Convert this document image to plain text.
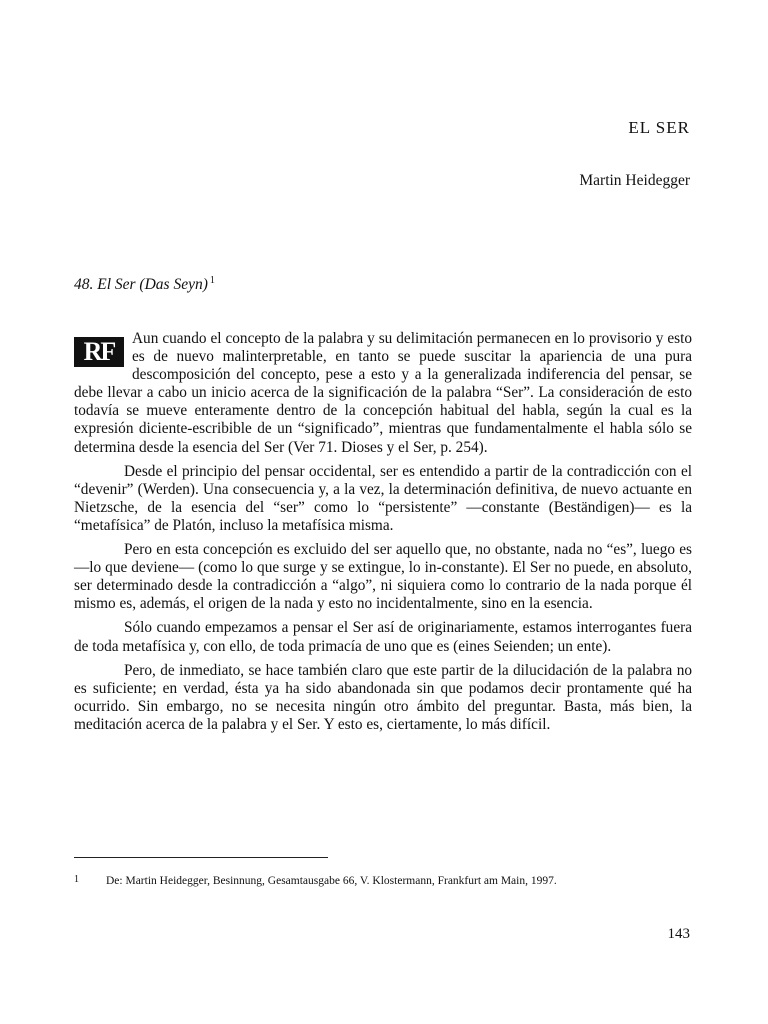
EL SER
Martin Heidegger
48. El Ser (Das Seyn) $^1$

RF	Aun cuando el concepto de la palabra y su delimitación permanecen en lo provisorio y esto es de nuevo malinterpretable, en tanto se puede suscitar la apariencia de una pura descomposición del concepto, pese a esto y a la generalizada indiferencia del pensar, se debe llevar a cabo un inicio acerca de la significación de la palabra “Ser”. La consideración de esto todavía se mueve enteramente dentro de la concepción habitual del habla, según la cual es la expresión diciente-escribible de un “significado”, mientras que fundamentalmente el habla sólo se determina desde la esencia del Ser (Ver 71. Dioses y el Ser, p. 254).

Desde el principio del pensar occidental, ser es entendido a partir de la contradicción con el “devenir” (Werden). Una consecuencia y, a la vez, la determinación definitiva, de nuevo actuante en Nietzsche, de la esencia del “ser” como lo “persistente” —constante (Beständigen)— es la “metafísica” de Platón, incluso la metafísica misma.

Pero en esta concepción es excluido del ser aquello que, no obstante, nada no “es”, luego es —lo que deviene— (como lo que surge y se extingue, lo in-constante). El Ser no puede, en absoluto, ser determinado desde la contradicción a “algo”, ni siquiera como lo contrario de la nada porque él mismo es, además, el origen de la nada y esto no incidentalmente, sino en la esencia.

Sólo cuando empezamos a pensar el Ser así de originariamente, estamos interrogantes fuera de toda metafísica y, con ello, de toda primacía de uno que es (eines Seienden; un ente).

Pero, de inmediato, se hace también claro que este partir de la dilucidación de la palabra no es suficiente; en verdad, ésta ya ha sido abandonada sin que podamos decir prontamente qué ha ocurrido. Sin embargo, no se necesita ningún otro ámbito del preguntar. Basta, más bien, la meditación acerca de la palabra y el Ser. Y esto es, ciertamente, lo más difícil.

1 De: Martin Heidegger, Besinnung, Gesamtausgabe 66, V. Klostermann, Frankfurt am Main, 1997.
143
